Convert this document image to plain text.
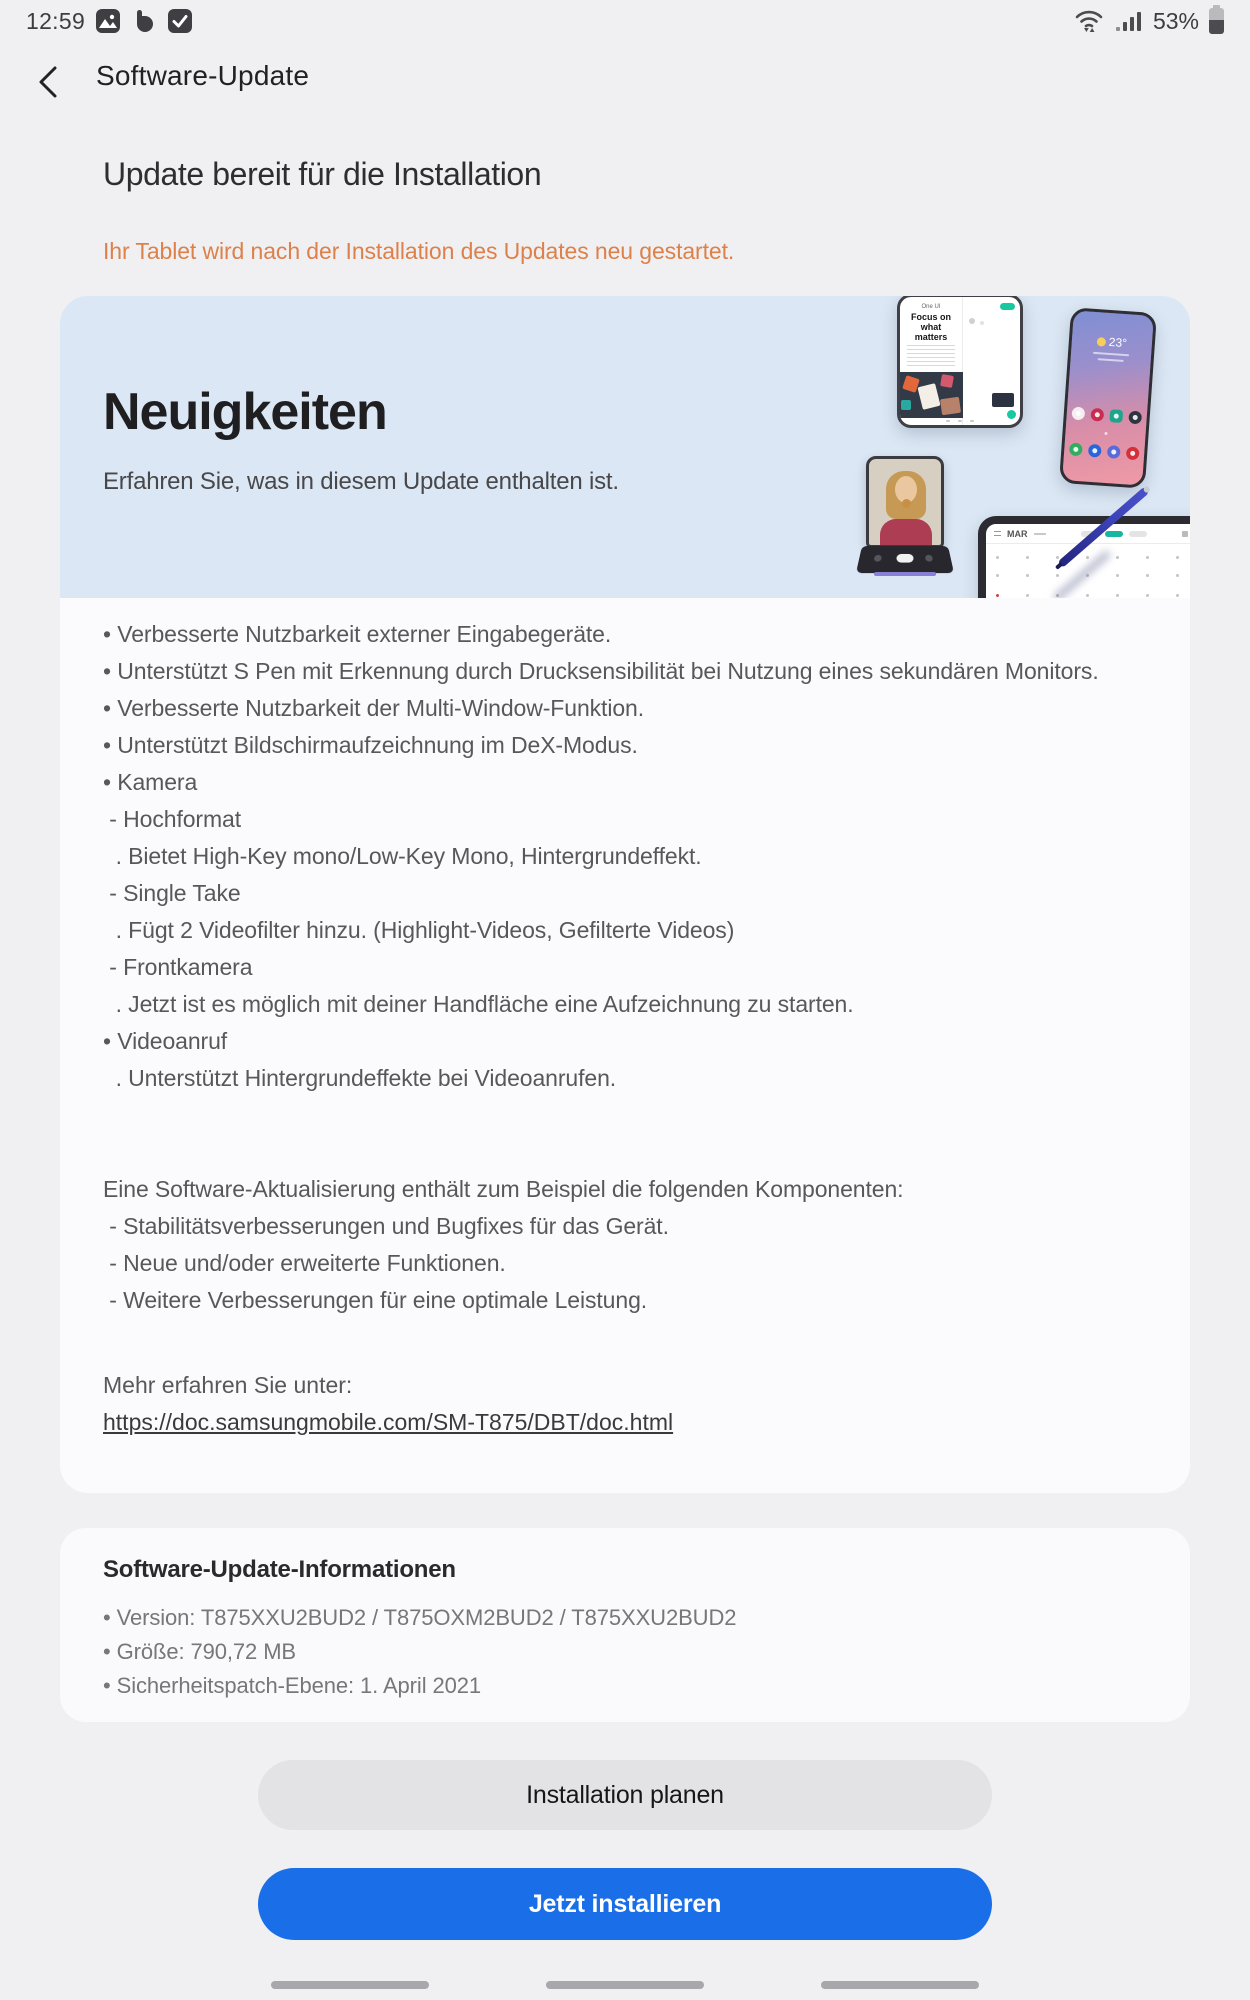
12:59	53%
Software-Update
Update bereit für die Installation
Ihr Tablet wird nach der Installation des Updates neu gestartet.
Neuigkeiten
Erfahren Sie, was in diesem Update enthalten ist.
One UI
Focus on what matters	23°
MAR
• Verbesserte Nutzbarkeit externer Eingabegeräte.
• Unterstützt S Pen mit Erkennung durch Drucksensibilität bei Nutzung eines sekundären Monitors.
• Verbesserte Nutzbarkeit der Multi-Window-Funktion.
• Unterstützt Bildschirmaufzeichnung im DeX-Modus.
• Kamera
- Hochformat
. Bietet High-Key mono/Low-Key Mono, Hintergrundeffekt.
- Single Take
. Fügt 2 Videofilter hinzu. (Highlight-Videos, Gefilterte Videos)
- Frontkamera
. Jetzt ist es möglich mit deiner Handfläche eine Aufzeichnung zu starten.
• Videoanruf
. Unterstützt Hintergrundeffekte bei Videoanrufen.
Eine Software-Aktualisierung enthält zum Beispiel die folgenden Komponenten:
- Stabilitätsverbesserungen und Bugfixes für das Gerät.
- Neue und/oder erweiterte Funktionen.
- Weitere Verbesserungen für eine optimale Leistung.
Mehr erfahren Sie unter:
https://doc.samsungmobile.com/SM-T875/DBT/doc.html
Software-Update-Informationen
• Version: T875XXU2BUD2 / T875OXM2BUD2 / T875XXU2BUD2
• Größe: 790,72 MB
• Sicherheitspatch-Ebene: 1. April 2021
Installation planen
Jetzt installieren
